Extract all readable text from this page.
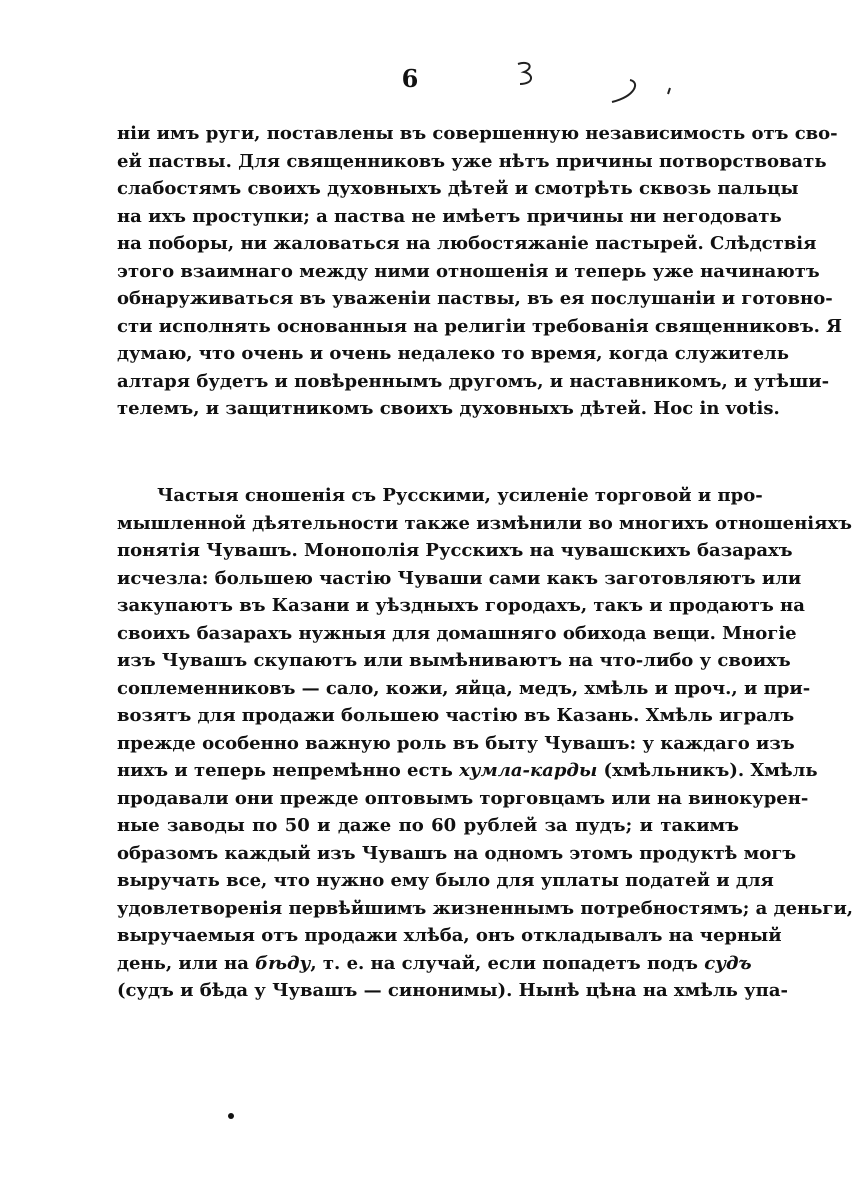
6
ніи имъ руги, поставлены въ совершенную независимость отъ сво-
ей паствы. Для священниковъ уже нѣтъ причины потворствовать
слабостямъ своихъ духовныхъ дѣтей и смотрѣть сквозь пальцы
на ихъ проступки; а паства не имѣетъ причины ни негодовать
на поборы, ни жаловаться на любостяжаніе пастырей. Слѣдствія
этого взаимнаго между ними отношенія и теперь уже начинаютъ
обнаруживаться въ уваженіи паствы, въ ея послушаніи и готовно-
сти исполнять основанныя на религіи требованія священниковъ. Я
думаю, что очень и очень недалеко то время, когда служитель
алтаря будетъ и повѣреннымъ другомъ, и наставникомъ, и утѣши-
телемъ, и защитникомъ своихъ духовныхъ дѣтей. Hoc in votis.
Частыя сношенія съ Русскими, усиленіе торговой и про-
мышленной дѣятельности также измѣнили во многихъ отношеніяхъ
понятія Чувашъ. Монополія Русскихъ на чувашскихъ базарахъ
исчезла: большею частію Чуваши сами какъ заготовляютъ или
закупаютъ въ Казани и уѣздныхъ городахъ, такъ и продаютъ на
своихъ базарахъ нужныя для домашняго обихода вещи. Многіе
изъ Чувашъ скупаютъ или вымѣниваютъ на что-либо у своихъ
соплеменниковъ — сало, кожи, яйца, медъ, хмѣль и проч., и при-
возятъ для продажи большею частію въ Казань. Хмѣль игралъ
прежде особенно важную роль въ быту Чувашъ: у каждаго изъ
нихъ и теперь непремѣнно есть хумла-карды (хмѣльникъ). Хмѣль
продавали они прежде оптовымъ торговцамъ или на винокурен-
ные заводы по 50 и даже по 60 рублей за пудъ; и такимъ
образомъ каждый изъ Чувашъ на одномъ этомъ продуктѣ могъ
выручать все, что нужно ему было для уплаты податей и для
удовлетворенія первѣйшимъ жизненнымъ потребностямъ; а деньги,
выручаемыя отъ продажи хлѣба, онъ откладывалъ на черный
день, или на бѣду, т. е. на случай, если попадетъ подъ судъ
(судъ и бѣда у Чувашъ — синонимы). Нынѣ цѣна на хмѣль упа-
